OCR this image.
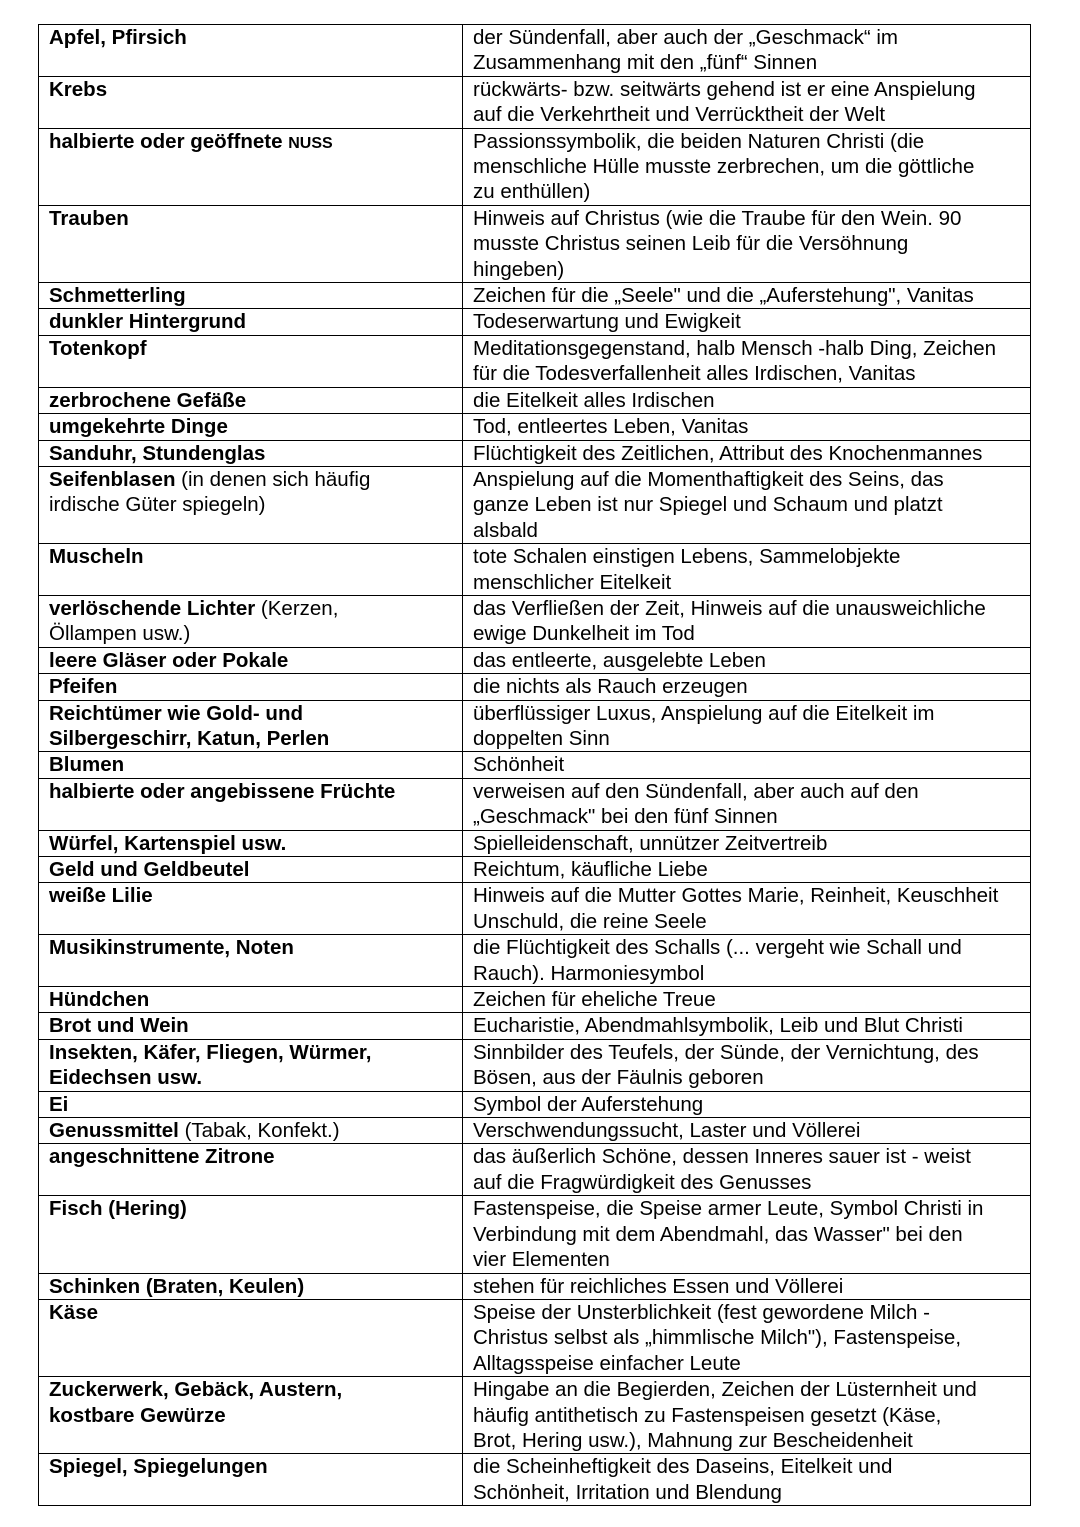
Apfel, Pfirsich	der Sündenfall, aber auch der „Geschmack“ im
Zusammenhang mit den „fünf“ Sinnen
Krebs	rückwärts- bzw. seitwärts gehend ist er eine Anspielung
auf die Verkehrtheit und Verrücktheit der Welt
halbierte oder geöffnete NUSS	Passionssymbolik, die beiden Naturen Christi (die
menschliche Hülle musste zerbrechen, um die göttliche
zu enthüllen)
Trauben	Hinweis auf Christus (wie die Traube für den Wein. 90
musste Christus seinen Leib für die Versöhnung
hingeben)
Schmetterling	Zeichen für die „Seele" und die „Auferstehung", Vanitas
dunkler Hintergrund	Todeserwartung und Ewigkeit
Totenkopf	Meditationsgegenstand, halb Mensch -halb Ding, Zeichen
für die Todesverfallenheit alles Irdischen, Vanitas
zerbrochene Gefäße	die Eitelkeit alles Irdischen
umgekehrte Dinge	Tod, entleertes Leben, Vanitas
Sanduhr, Stundenglas	Flüchtigkeit des Zeitlichen, Attribut des Knochenmannes
Seifenblasen (in denen sich häufig
irdische Güter spiegeln)	Anspielung auf die Momenthaftigkeit des Seins, das
ganze Leben ist nur Spiegel und Schaum und platzt
alsbald
Muscheln	tote Schalen einstigen Lebens, Sammelobjekte
menschlicher Eitelkeit
verlöschende Lichter (Kerzen,
Öllampen usw.)	das Verfließen der Zeit, Hinweis auf die unausweichliche
ewige Dunkelheit im Tod
leere Gläser oder Pokale	das entleerte, ausgelebte Leben
Pfeifen	die nichts als Rauch erzeugen
Reichtümer wie Gold- und
Silbergeschirr, Katun, Perlen	überflüssiger Luxus, Anspielung auf die Eitelkeit im
doppelten Sinn
Blumen	Schönheit
halbierte oder angebissene Früchte	verweisen auf den Sündenfall, aber auch auf den
„Geschmack" bei den fünf Sinnen
Würfel, Kartenspiel usw.	Spielleidenschaft, unnützer Zeitvertreib
Geld und Geldbeutel	Reichtum, käufliche Liebe
weiße Lilie	Hinweis auf die Mutter Gottes Marie, Reinheit, Keuschheit
Unschuld, die reine Seele
Musikinstrumente, Noten	die Flüchtigkeit des Schalls (... vergeht wie Schall und
Rauch). Harmoniesymbol
Hündchen	Zeichen für eheliche Treue
Brot und Wein	Eucharistie, Abendmahlsymbolik, Leib und Blut Christi
Insekten, Käfer, Fliegen, Würmer,
Eidechsen usw.	Sinnbilder des Teufels, der Sünde, der Vernichtung, des
Bösen, aus der Fäulnis geboren
Ei	Symbol der Auferstehung
Genussmittel (Tabak, Konfekt.)	Verschwendungssucht, Laster und Völlerei
angeschnittene Zitrone	das äußerlich Schöne, dessen Inneres sauer ist - weist
auf die Fragwürdigkeit des Genusses
Fisch (Hering)	Fastenspeise, die Speise armer Leute, Symbol Christi in
Verbindung mit dem Abendmahl, das Wasser" bei den
vier Elementen
Schinken (Braten, Keulen)	stehen für reichliches Essen und Völlerei
Käse	Speise der Unsterblichkeit (fest gewordene Milch -
Christus selbst als „himmlische Milch"), Fastenspeise,
Alltagsspeise einfacher Leute
Zuckerwerk, Gebäck, Austern,
kostbare Gewürze	Hingabe an die Begierden, Zeichen der Lüsternheit und
häufig antithetisch zu Fastenspeisen gesetzt (Käse,
Brot, Hering usw.), Mahnung zur Bescheidenheit
Spiegel, Spiegelungen	die Scheinheftigkeit des Daseins, Eitelkeit und
Schönheit, Irritation und Blendung
